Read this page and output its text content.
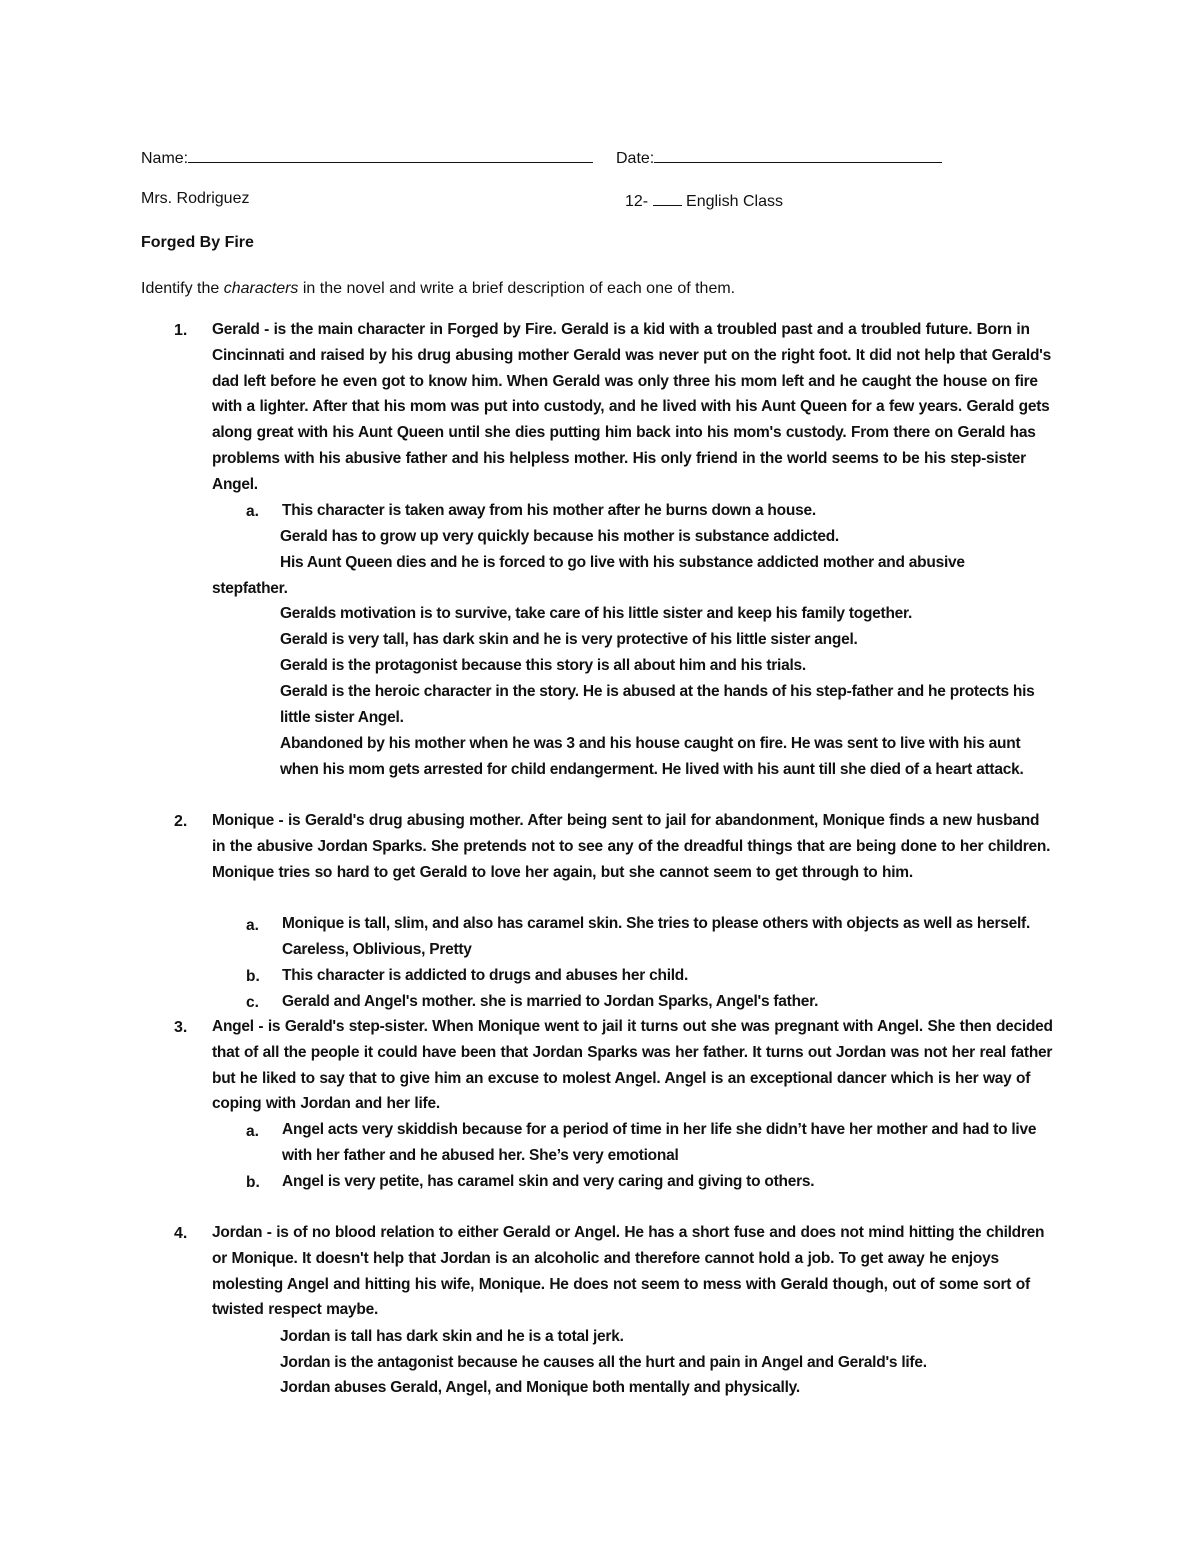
Name:	Date:
Mrs. Rodriguez	12- English Class
Forged By Fire
Identify the characters in the novel and write a brief description of each one of them.
1. Gerald - is the main character in Forged by Fire. Gerald is a kid with a troubled past and a troubled future. Born in Cincinnati and raised by his drug abusing mother Gerald was never put on the right foot. It did not help that Gerald's dad left before he even got to know him. When Gerald was only three his mom left and he caught the house on fire with a lighter. After that his mom was put into custody, and he lived with his Aunt Queen for a few years. Gerald gets along great with his Aunt Queen until she dies putting him back into his mom's custody. From there on Gerald has problems with his abusive father and his helpless mother. His only friend in the world seems to be his step-sister Angel.
a. This character is taken away from his mother after he burns down a house.
Gerald has to grow up very quickly because his mother is substance addicted.
His Aunt Queen dies and he is forced to go live with his substance addicted mother and abusive
stepfather.
Geralds motivation is to survive, take care of his little sister and keep his family together.
Gerald is very tall, has dark skin and he is very protective of his little sister angel.
Gerald is the protagonist because this story is all about him and his trials.
Gerald is the heroic character in the story. He is abused at the hands of his step-father and he protects his little sister Angel.
Abandoned by his mother when he was 3 and his house caught on fire. He was sent to live with his aunt when his mom gets arrested for child endangerment. He lived with his aunt till she died of a heart attack.
2. Monique - is Gerald's drug abusing mother. After being sent to jail for abandonment, Monique finds a new husband in the abusive Jordan Sparks. She pretends not to see any of the dreadful things that are being done to her children. Monique tries so hard to get Gerald to love her again, but she cannot seem to get through to him.
a. Monique is tall, slim, and also has caramel skin. She tries to please others with objects as well as herself. Careless, Oblivious, Pretty
b. This character is addicted to drugs and abuses her child.
c. Gerald and Angel's mother. she is married to Jordan Sparks, Angel's father.
3. Angel - is Gerald's step-sister. When Monique went to jail it turns out she was pregnant with Angel. She then decided that of all the people it could have been that Jordan Sparks was her father. It turns out Jordan was not her real father but he liked to say that to give him an excuse to molest Angel. Angel is an exceptional dancer which is her way of coping with Jordan and her life.
a. Angel acts very skiddish because for a period of time in her life she didn’t have her mother and had to live with her father and he abused her. She’s very emotional
b. Angel is very petite, has caramel skin and very caring and giving to others.
4. Jordan - is of no blood relation to either Gerald or Angel. He has a short fuse and does not mind hitting the children or Monique. It doesn't help that Jordan is an alcoholic and therefore cannot hold a job. To get away he enjoys molesting Angel and hitting his wife, Monique. He does not seem to mess with Gerald though, out of some sort of twisted respect maybe.
Jordan is tall has dark skin and he is a total jerk.
Jordan is the antagonist because he causes all the hurt and pain in Angel and Gerald's life.
Jordan abuses Gerald, Angel, and Monique both mentally and physically.
